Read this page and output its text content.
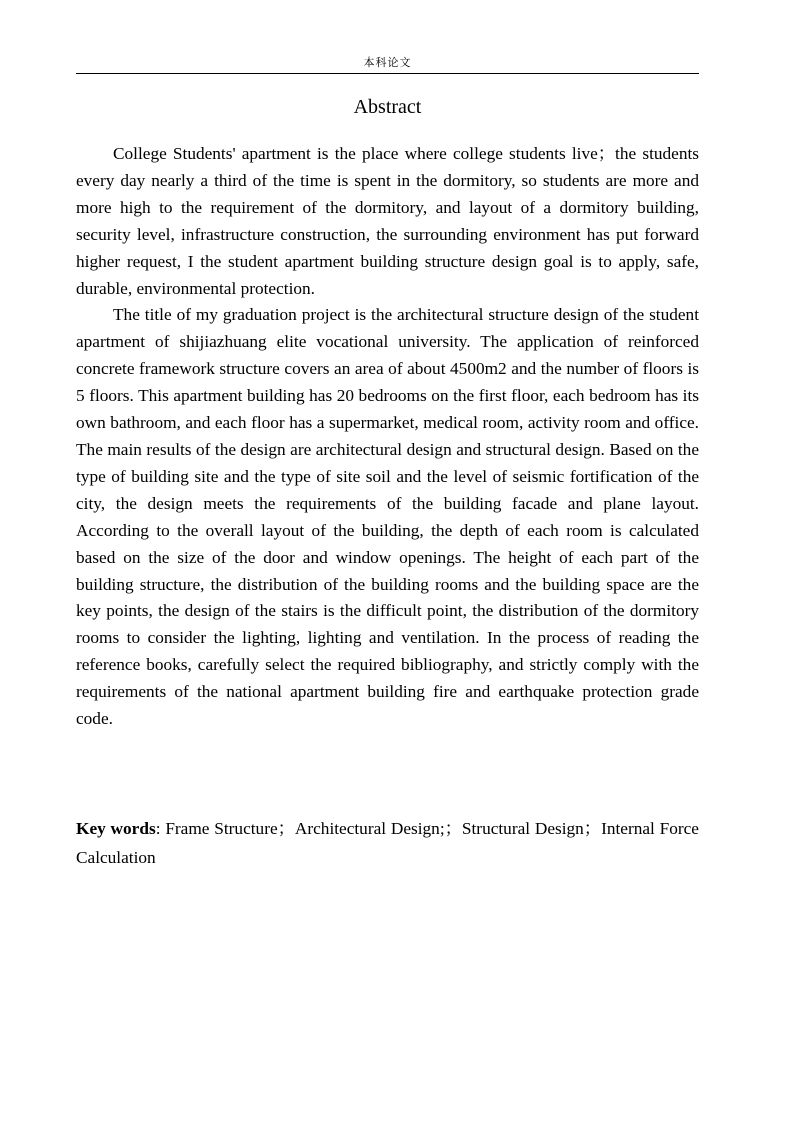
本科论文
Abstract

College Students' apartment is the place where college students live；the students every day nearly a third of the time is spent in the dormitory, so students are more and more high to the requirement of the dormitory, and layout of a dormitory building, security level, infrastructure construction, the surrounding environment has put forward higher request, I the student apartment building structure design goal is to apply, safe, durable, environmental protection.

The title of my graduation project is the architectural structure design of the student apartment of shijiazhuang elite vocational university. The application of reinforced concrete framework structure covers an area of about 4500m2 and the number of floors is 5 floors. This apartment building has 20 bedrooms on the first floor, each bedroom has its own bathroom, and each floor has a supermarket, medical room, activity room and office. The main results of the design are architectural design and structural design. Based on the type of building site and the type of site soil and the level of seismic fortification of the city, the design meets the requirements of the building facade and plane layout. According to the overall layout of the building, the depth of each room is calculated based on the size of the door and window openings. The height of each part of the building structure, the distribution of the building rooms and the building space are the key points, the design of the stairs is the difficult point, the distribution of the dormitory rooms to consider the lighting, lighting and ventilation. In the process of reading the reference books, carefully select the required bibliography, and strictly comply with the requirements of the national apartment building fire and earthquake protection grade code.

Key words: Frame Structure；Architectural Design;；Structural Design；Internal Force Calculation
